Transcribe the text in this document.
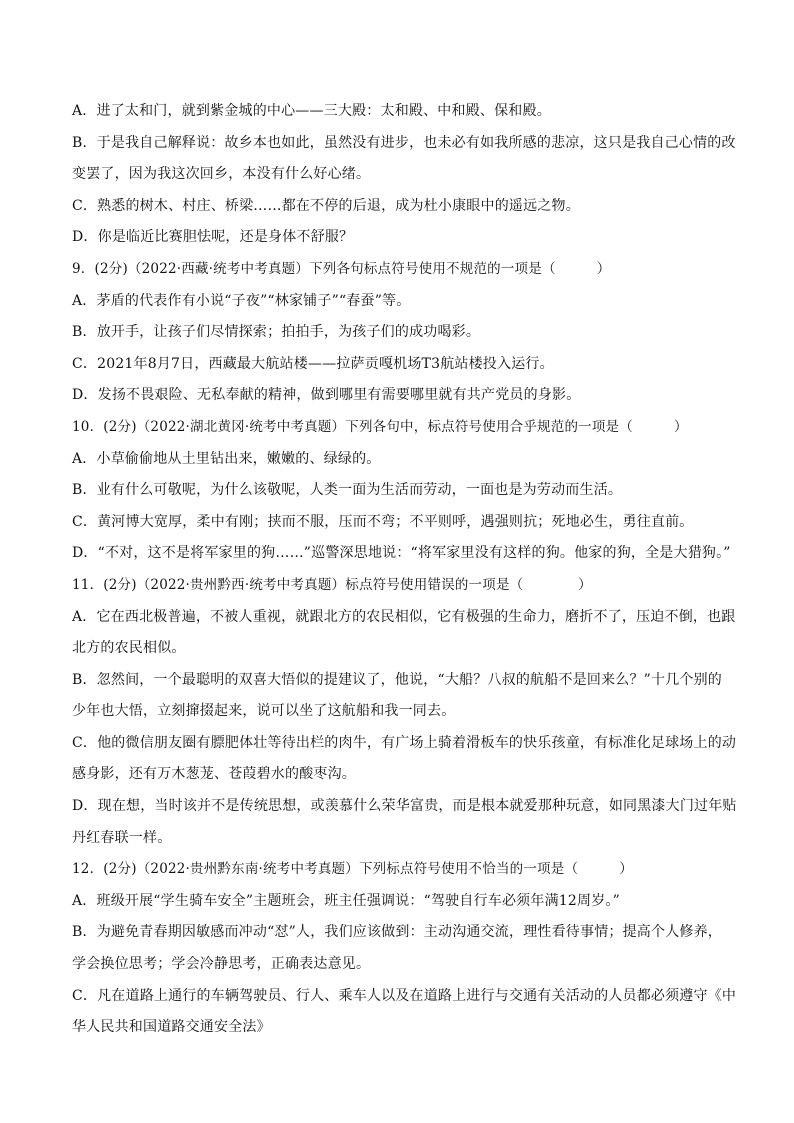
A．进了太和门，就到紫金城的中心——三大殿：太和殿、中和殿、保和殿。
B．于是我自己解释说：故乡本也如此，虽然没有进步，也未必有如我所感的悲凉，这只是我自己心情的改
变罢了，因为我这次回乡，本没有什么好心绪。
C．熟悉的树木、村庄、桥梁……都在不停的后退，成为杜小康眼中的遥远之物。
D．你是临近比赛胆怯呢，还是身体不舒服？
9．(2分)（2022·西藏·统考中考真题）下列各句标点符号使用不规范的一项是（　　　）
A．茅盾的代表作有小说“子夜”“林家铺子”“春蚕”等。
B．放开手，让孩子们尽情探索；拍拍手，为孩子们的成功喝彩。
C．2021年8月7日，西藏最大航站楼——拉萨贡嘎机场T3航站楼投入运行。
D．发扬不畏艰险、无私奉献的精神，做到哪里有需要哪里就有共产党员的身影。
10．(2分)（2022·湖北黄冈·统考中考真题）下列各句中，标点符号使用合乎规范的一项是（　　　）
A．小草偷偷地从土里钻出来，嫩嫩的、绿绿的。
B．业有什么可敬呢，为什么该敬呢，人类一面为生活而劳动，一面也是为劳动而生活。
C．黄河博大宽厚，柔中有刚；挟而不服，压而不弯；不平则呼，遇强则抗；死地必生，勇往直前。
D．“不对，这不是将军家里的狗……”巡警深思地说：“将军家里没有这样的狗。他家的狗，全是大猎狗。”
11．(2分)（2022·贵州黔西·统考中考真题）标点符号使用错误的一项是（　　　　）
A．它在西北极普遍，不被人重视，就跟北方的农民相似，它有极强的生命力，磨折不了，压迫不倒，也跟
北方的农民相似。
B．忽然间，一个最聪明的双喜大悟似的提建议了，他说，“大船？八叔的航船不是回来么？”十几个别的
少年也大悟，立刻撺掇起来，说可以坐了这航船和我一同去。
C．他的微信朋友圈有膘肥体壮等待出栏的肉牛，有广场上骑着滑板车的快乐孩童，有标准化足球场上的动
感身影，还有万木葱茏、苍葭碧水的酸枣沟。
D．现在想，当时该并不是传统思想，或羡慕什么荣华富贵，而是根本就爱那种玩意，如同黑漆大门过年贴
丹红春联一样。
12．(2分)（2022·贵州黔东南·统考中考真题）下列标点符号使用不恰当的一项是（　　　）
A．班级开展“学生骑车安全”主题班会，班主任强调说：“驾驶自行车必须年满12周岁。”
B．为避免青春期因敏感而冲动“怼”人，我们应该做到：主动沟通交流，理性看待事情；提高个人修养，
学会换位思考；学会冷静思考，正确表达意见。
C．凡在道路上通行的车辆驾驶员、行人、乘车人以及在道路上进行与交通有关活动的人员都必须遵守《中
华人民共和国道路交通安全法》
